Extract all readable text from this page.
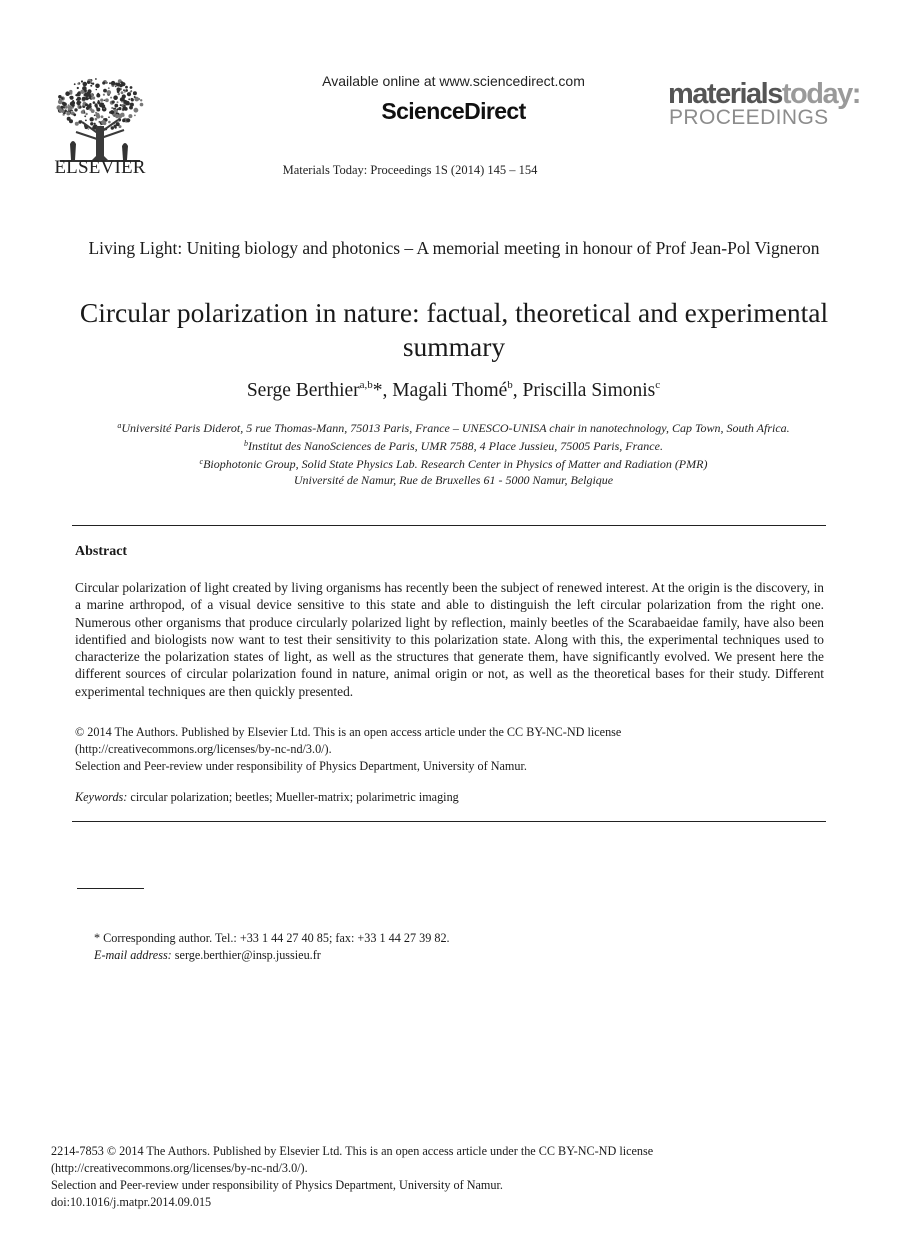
ELSEVIER
Available online at www.sciencedirect.com
ScienceDirect
Materials Today: Proceedings 1S (2014) 145 – 154
materialstoday:
PROCEEDINGS
Living Light: Uniting biology and photonics – A memorial meeting in honour of Prof Jean-Pol Vigneron
Circular polarization in nature: factual, theoretical and experimental summary
Serge Berthier$^{a,b}$*, Magali Thomé$^b$, Priscilla Simonis$^c$
$^a$Université Paris Diderot, 5 rue Thomas-Mann, 75013 Paris, France – UNESCO-UNISA chair in nanotechnology, Cap Town, South Africa.
$^b$Institut des NanoSciences de Paris, UMR 7588, 4 Place Jussieu, 75005 Paris, France.
$^c$Biophotonic Group, Solid State Physics Lab. Research Center in Physics of Matter and Radiation (PMR)
Université de Namur, Rue de Bruxelles 61 - 5000 Namur, Belgique
Abstract
Circular polarization of light created by living organisms has recently been the subject of renewed interest. At the origin is the discovery, in a marine arthropod, of a visual device sensitive to this state and able to distinguish the left circular polarization from the right one. Numerous other organisms that produce circularly polarized light by reflection, mainly beetles of the Scarabaeidae family, have also been identified and biologists now want to test their sensitivity to this polarization state. Along with this, the experimental techniques used to characterize the polarization states of light, as well as the structures that generate them, have significantly evolved. We present here the different sources of circular polarization found in nature, animal origin or not, as well as the theoretical bases for their study. Different experimental techniques are then quickly presented.
© 2014 The Authors. Published by Elsevier Ltd. This is an open access article under the CC BY-NC-ND license
(http://creativecommons.org/licenses/by-nc-nd/3.0/).
Selection and Peer-review under responsibility of Physics Department, University of Namur.
Keywords: circular polarization; beetles; Mueller-matrix; polarimetric imaging
* Corresponding author. Tel.: +33 1 44 27 40 85; fax: +33 1 44 27 39 82.
E-mail address: serge.berthier@insp.jussieu.fr
2214-7853 © 2014 The Authors. Published by Elsevier Ltd. This is an open access article under the CC BY-NC-ND license
(http://creativecommons.org/licenses/by-nc-nd/3.0/).
Selection and Peer-review under responsibility of Physics Department, University of Namur.
doi:10.1016/j.matpr.2014.09.015
